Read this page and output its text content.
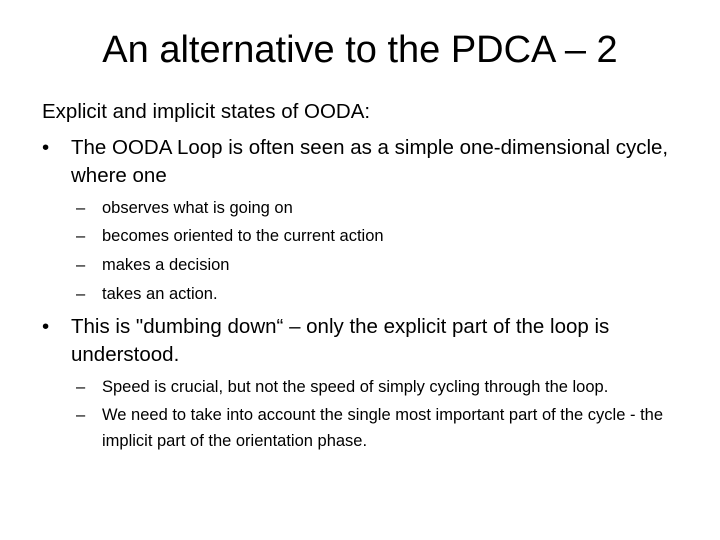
An alternative to the PDCA – 2
Explicit and implicit states of OODA:
•	The OODA Loop is often seen as a simple one-dimensional cycle, where one
–	observes what is going on
–	becomes oriented to the current action
–	makes a decision
–	takes an action.
•	This is "dumbing down“ – only the explicit part of the loop is understood.
–	Speed is crucial, but not the speed of simply cycling through the loop.
–	We need to take into account the single most important part of the cycle ‐ the implicit part of the orientation phase.
